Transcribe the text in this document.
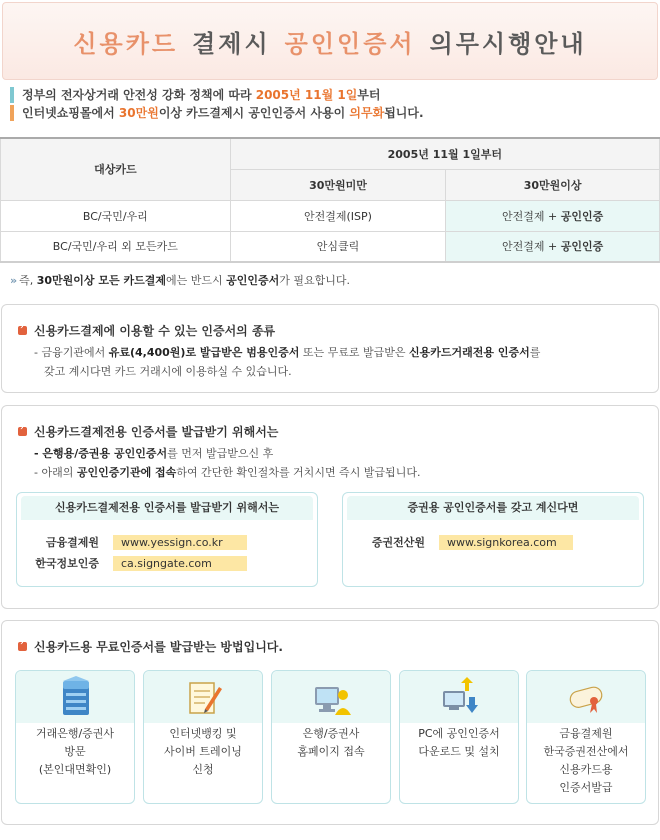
신용카드 결제시 공인인증서 의무시행안내
정부의 전자상거래 안전성 강화 정책에 따라 2005년 11월 1일부터
인터넷쇼핑몰에서 30만원이상 카드결제시 공인인증서 사용이 의무화됩니다.
대상카드	2005년 11월 1일부터	
	30만원미만	30만원이상
BC/국민/우리	안전결제(ISP)	안전결제 + 공인인증
BC/국민/우리 외 모든카드	안심클릭	안전결제 + 공인인증
» 즉, 30만원이상 모든 카드결제에는 반드시 공인인증서가 필요합니다.
›신용카드결제에 이용할 수 있는 인증서의 종류
- 금융기관에서 유료(4,400원)로 발급받은 범용인증서 또는 무료로 발급받은 신용카드거래전용 인증서를
갖고 계시다면 카드 거래시에 이용하실 수 있습니다.
›신용카드결제전용 인증서를 발급받기 위해서는
- 은행용/증권용 공인인증서를 먼저 발급받으신 후
- 아래의 공인인증기관에 접속하여 간단한 확인절차를 거치시면 즉시 발급됩니다.
신용카드결제전용 인증서를 발급받기 위해서는
금융결제원	www.yessign.co.kr
한국정보인증	ca.signgate.com
증권용 공인인증서를 갖고 계신다면
증권전산원	www.signkorea.com
›신용카드용 무료인증서를 발급받는 방법입니다.
거래은행/증권사
방문
(본인대면확인)
인터넷뱅킹 및
사이버 트레이닝
신청
은행/증권사
홈페이지 접속
PC에 공인인증서
다운로드 및 설치
금융결제원
한국증권전산에서
신용카드용
인증서발급
